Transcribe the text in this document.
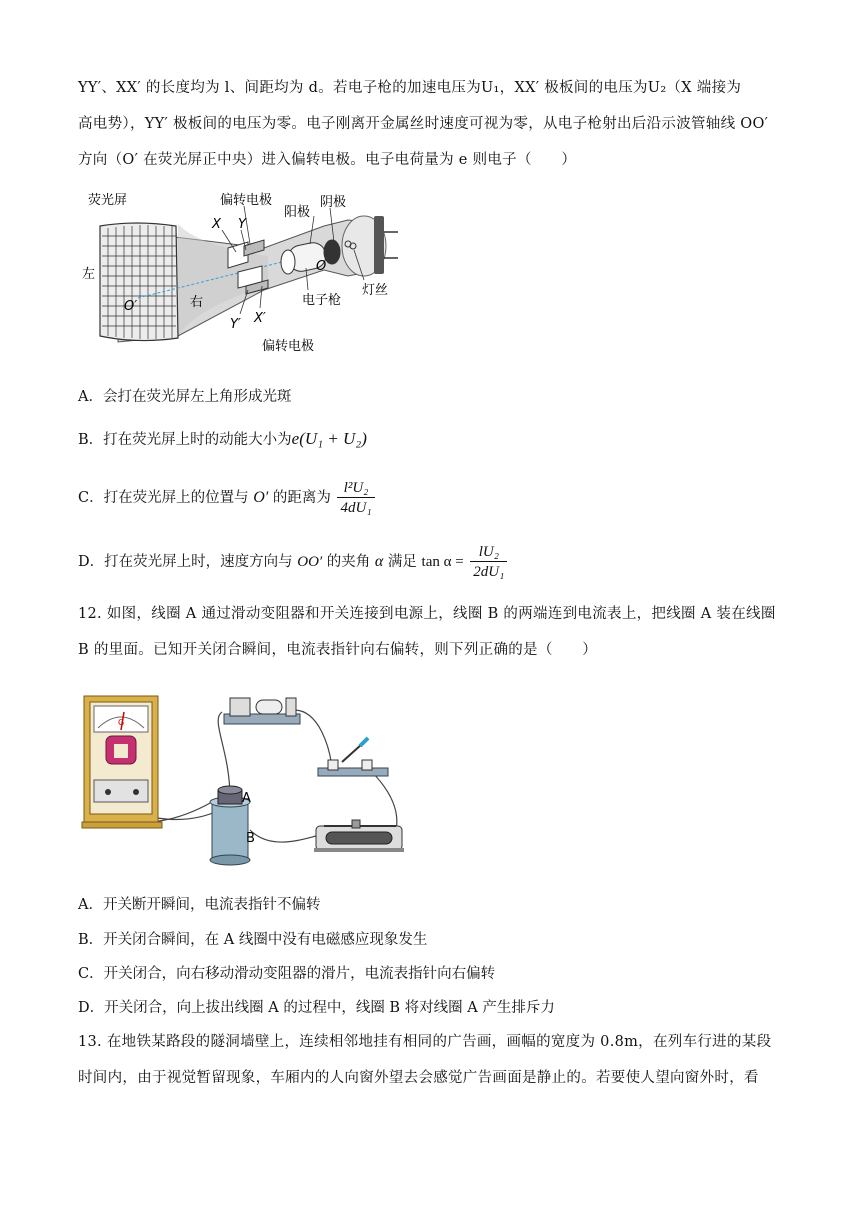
YY′、XX′ 的长度均为 l、间距均为 d。若电子枪的加速电压为U₁，XX′ 极板间的电压为U₂（X 端接为
高电势），YY′ 极板间的电压为零。电子刚离开金属丝时速度可视为零，从电子枪射出后沿示波管轴线 OO′
方向（O′ 在荧光屏正中央）进入偏转电极。电子电荷量为 e 则电子（　　）
荧光屏	偏转电极
阳极
阴极
X Y
左
右
O′
O
电子枪
灯丝
Y′ X′
偏转电极
A．会打在荧光屏左上角形成光斑
B．打在荧光屏上时的动能大小为e(U₁ + U₂)
C．打在荧光屏上的位置与 O′ 的距离为 $\frac{\text{l²U₂}}{\text{4dU₁}}$
D．打在荧光屏上时，速度方向与 OO′ 的夹角 α 满足 $\tan \alpha = \frac{\text{lU₂}}{\text{2dU₁}}$
12. 如图，线圈 A 通过滑动变阻器和开关连接到电源上，线圈 B 的两端连到电流表上，把线圈 A 装在线圈
B 的里面。已知开关闭合瞬间，电流表指针向右偏转，则下列正确的是（　　）
G
A
B
A．开关断开瞬间，电流表指针不偏转
B．开关闭合瞬间，在 A 线圈中没有电磁感应现象发生
C．开关闭合，向右移动滑动变阻器的滑片，电流表指针向右偏转
D．开关闭合，向上拔出线圈 A 的过程中，线圈 B 将对线圈 A 产生排斥力
13. 在地铁某路段的隧洞墙壁上，连续相邻地挂有相同的广告画，画幅的宽度为 0.8m，在列车行进的某段
时间内，由于视觉暂留现象，车厢内的人向窗外望去会感觉广告画面是静止的。若要使人望向窗外时，看
